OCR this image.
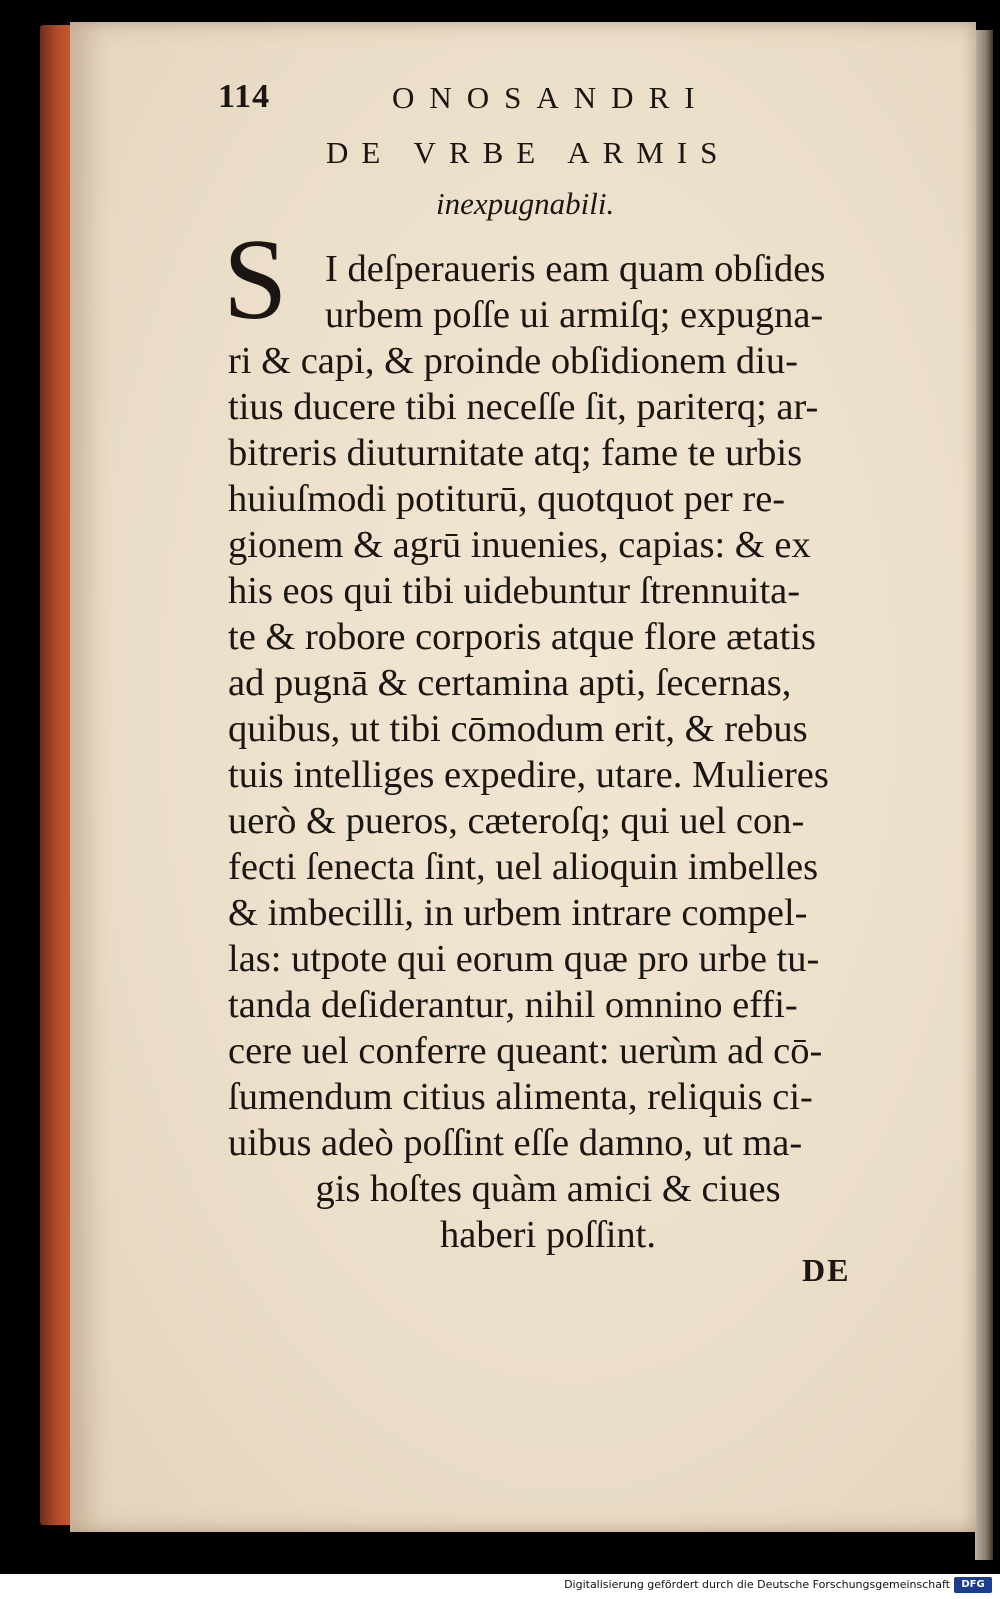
114	ONOSANDRI
DE VRBE ARMIS
inexpugnabili.
S I deſperaueris eam quam obſides
urbem poſſe ui armiſq; expugna-
ri & capi, & proinde obſidionem diu-
tius ducere tibi neceſſe ſit, pariterq; ar-
bitreris diuturnitate atq; fame te urbis
huiuſmodi potiturū, quotquot per re-
gionem & agrū inuenies, capias: & ex
his eos qui tibi uidebuntur ſtrennuita-
te & robore corporis atque flore ætatis
ad pugnā & certamina apti, ſecernas,
quibus, ut tibi cōmodum erit, & rebus
tuis intelliges expedire, utare. Mulieres
uerò & pueros, cæteroſq; qui uel con-
fecti ſenecta ſint, uel alioquin imbelles
& imbecilli, in urbem intrare compel-
las: utpote qui eorum quæ pro urbe tu-
tanda deſiderantur, nihil omnino effi-
cere uel conferre queant: uerùm ad cō-
ſumendum citius alimenta, reliquis ci-
uibus adeò poſſint eſſe damno, ut ma-
gis hoſtes quàm amici & ciues
haberi poſſint.
DE
Digitalisierung gefördert durch die Deutsche Forschungsgemeinschaft	DFG
